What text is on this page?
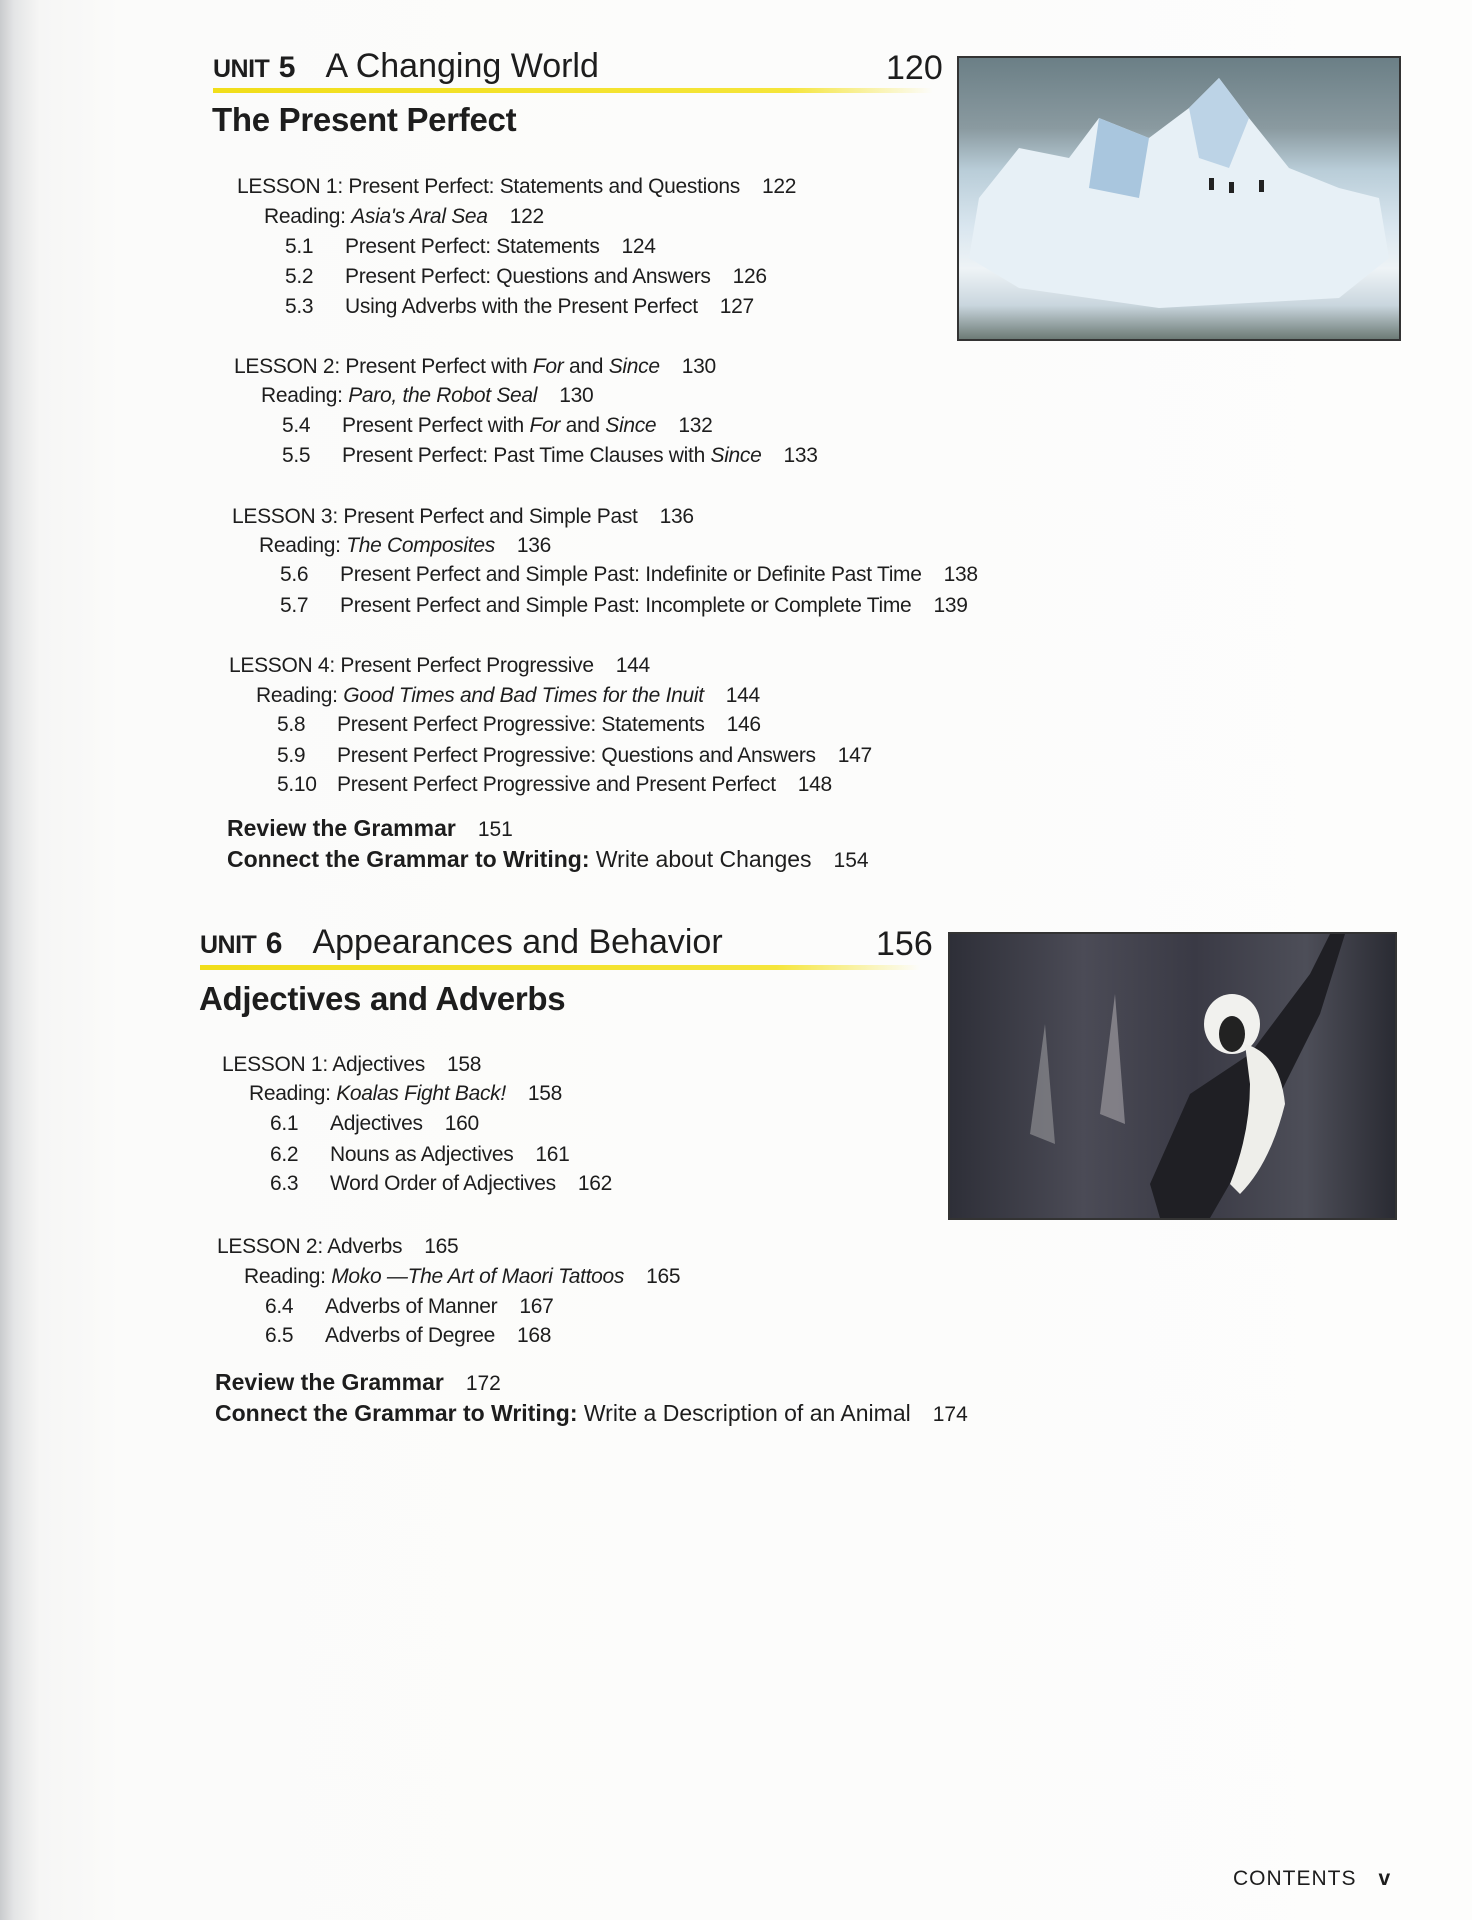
UNIT 5 A Changing World	120
The Present Perfect
LESSON 1: Present Perfect: Statements and Questions 122
Reading: Asia's Aral Sea 122
5.1 Present Perfect: Statements 124
5.2 Present Perfect: Questions and Answers 126
5.3 Using Adverbs with the Present Perfect 127
LESSON 2: Present Perfect with For and Since 130
Reading: Paro, the Robot Seal 130
5.4 Present Perfect with For and Since 132
5.5 Present Perfect: Past Time Clauses with Since 133
LESSON 3: Present Perfect and Simple Past 136
Reading: The Composites 136
5.6 Present Perfect and Simple Past: Indefinite or Definite Past Time 138
5.7 Present Perfect and Simple Past: Incomplete or Complete Time 139
LESSON 4: Present Perfect Progressive 144
Reading: Good Times and Bad Times for the Inuit 144
5.8 Present Perfect Progressive: Statements 146
5.9 Present Perfect Progressive: Questions and Answers 147
5.10 Present Perfect Progressive and Present Perfect 148
Review the Grammar 151
Connect the Grammar to Writing: Write about Changes 154
UNIT 6 Appearances and Behavior	156
Adjectives and Adverbs
LESSON 1: Adjectives 158
Reading: Koalas Fight Back! 158
6.1 Adjectives 160
6.2 Nouns as Adjectives 161
6.3 Word Order of Adjectives 162
LESSON 2: Adverbs 165
Reading: Moko —The Art of Maori Tattoos 165
6.4 Adverbs of Manner 167
6.5 Adverbs of Degree 168
Review the Grammar 172
Connect the Grammar to Writing: Write a Description of an Animal 174
CONTENTS v
